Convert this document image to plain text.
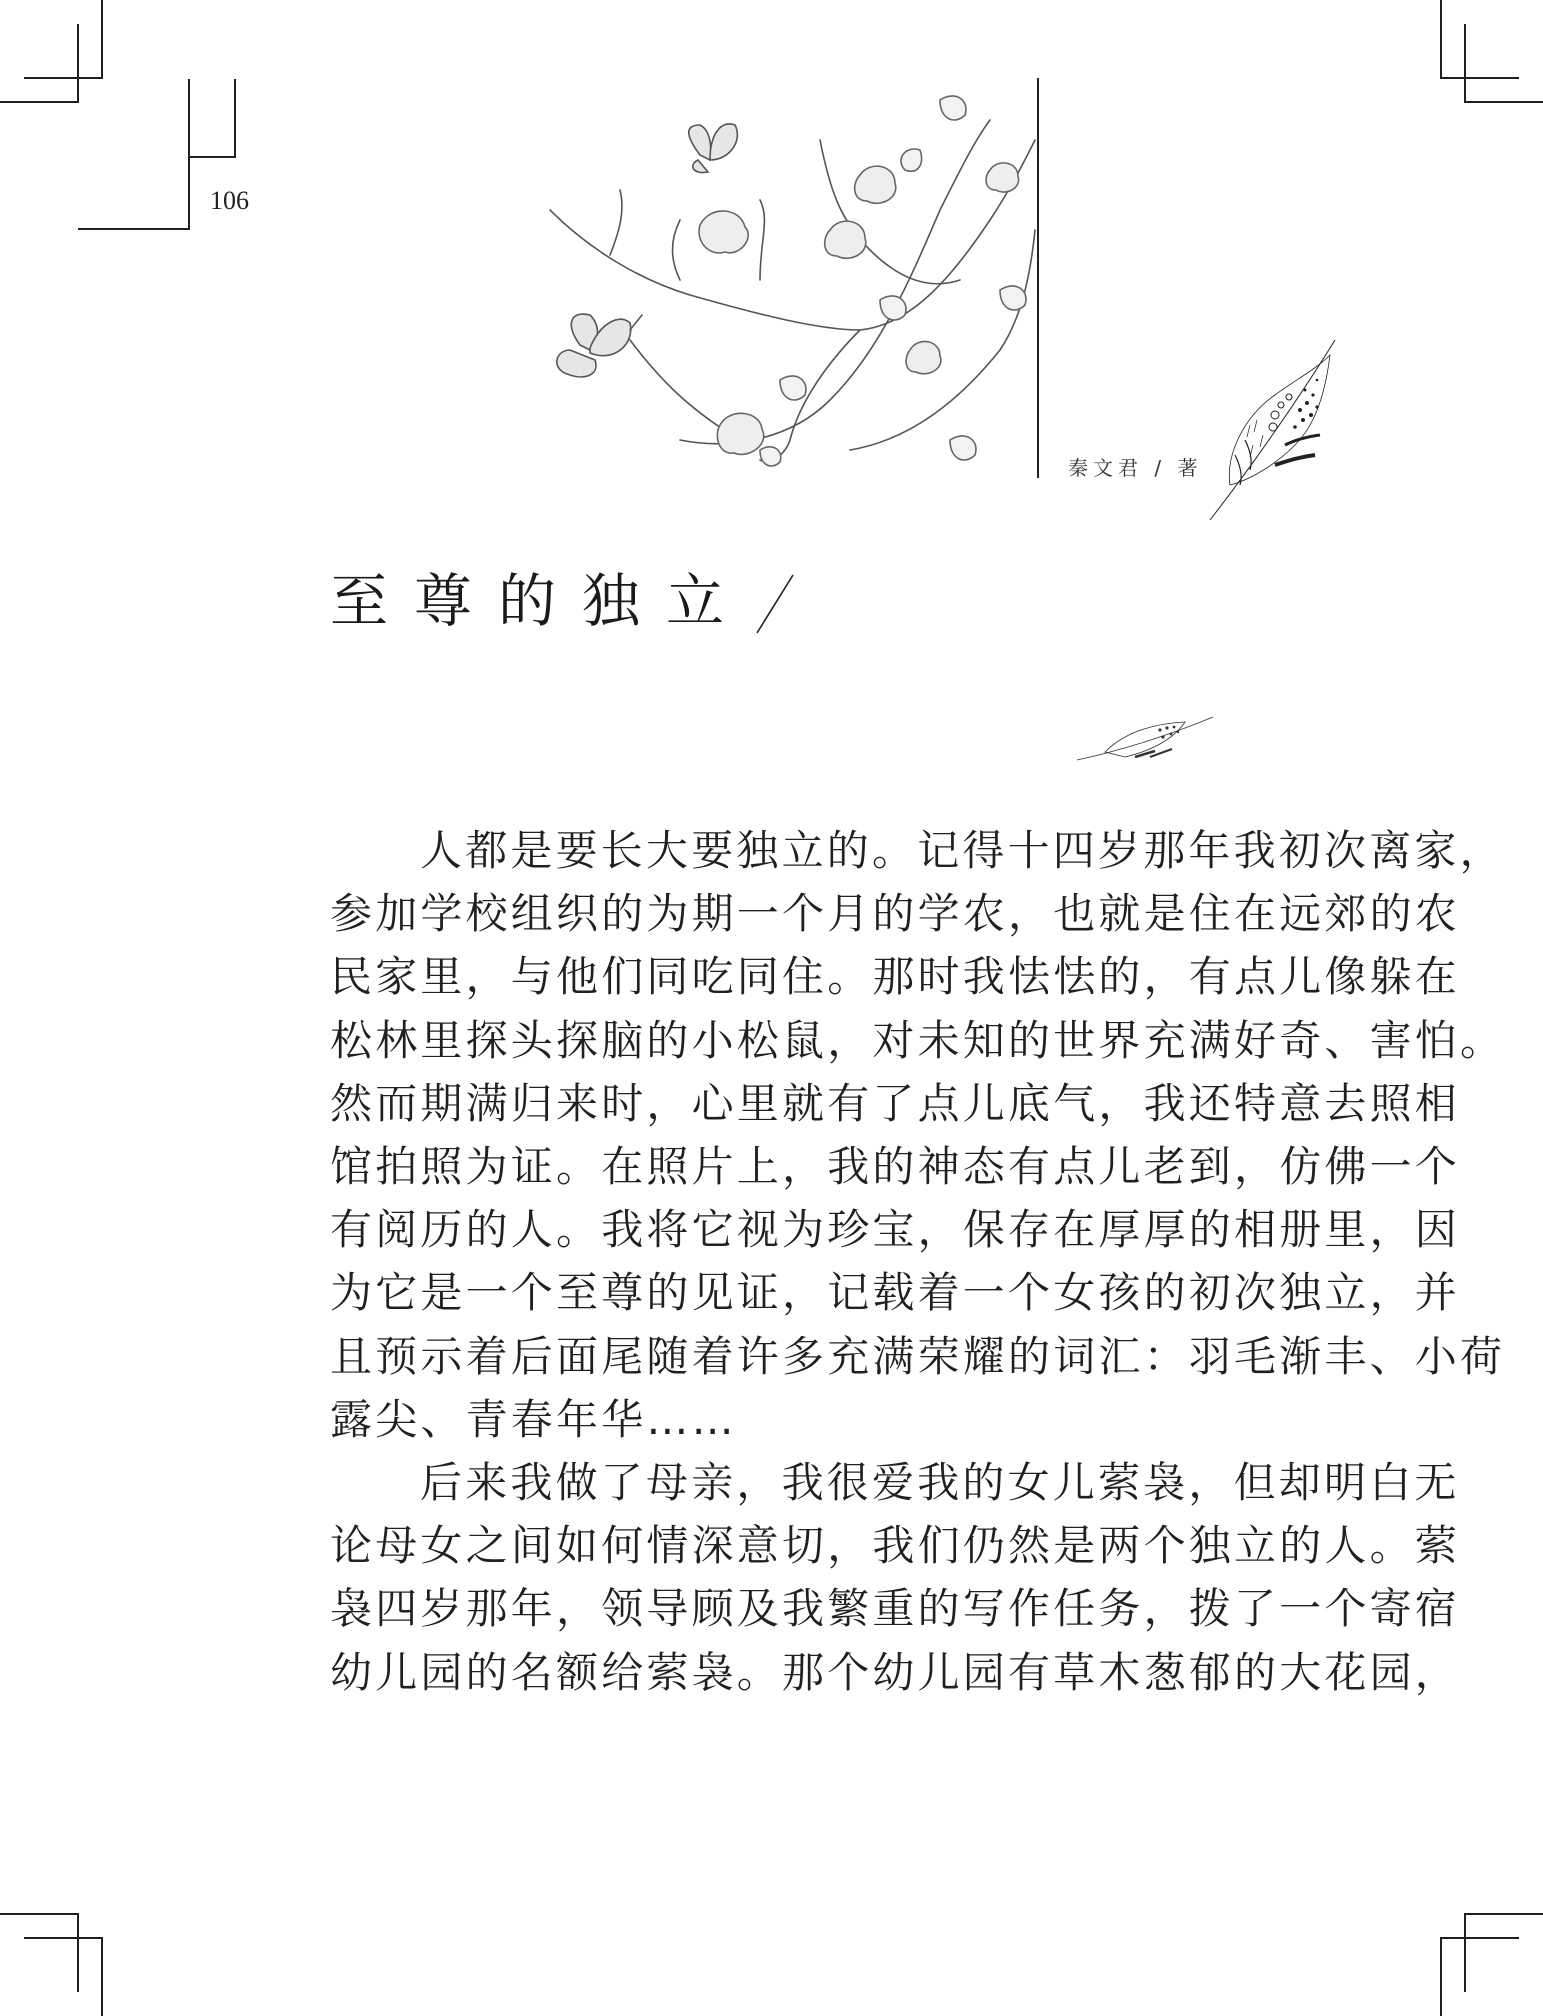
106
秦文君 / 著
至尊的独立

人都是要长大要独立的。记得十四岁那年我初次离家，
参加学校组织的为期一个月的学农，也就是住在远郊的农
民家里，与他们同吃同住。那时我怯怯的，有点儿像躲在
松林里探头探脑的小松鼠，对未知的世界充满好奇、害怕。
然而期满归来时，心里就有了点儿底气，我还特意去照相
馆拍照为证。在照片上，我的神态有点儿老到，仿佛一个
有阅历的人。我将它视为珍宝，保存在厚厚的相册里，因
为它是一个至尊的见证，记载着一个女孩的初次独立，并
且预示着后面尾随着许多充满荣耀的词汇：羽毛渐丰、小荷
露尖、青春年华……

后来我做了母亲，我很爱我的女儿萦袅，但却明白无
论母女之间如何情深意切，我们仍然是两个独立的人。萦
袅四岁那年，领导顾及我繁重的写作任务，拨了一个寄宿
幼儿园的名额给萦袅。那个幼儿园有草木葱郁的大花园，
